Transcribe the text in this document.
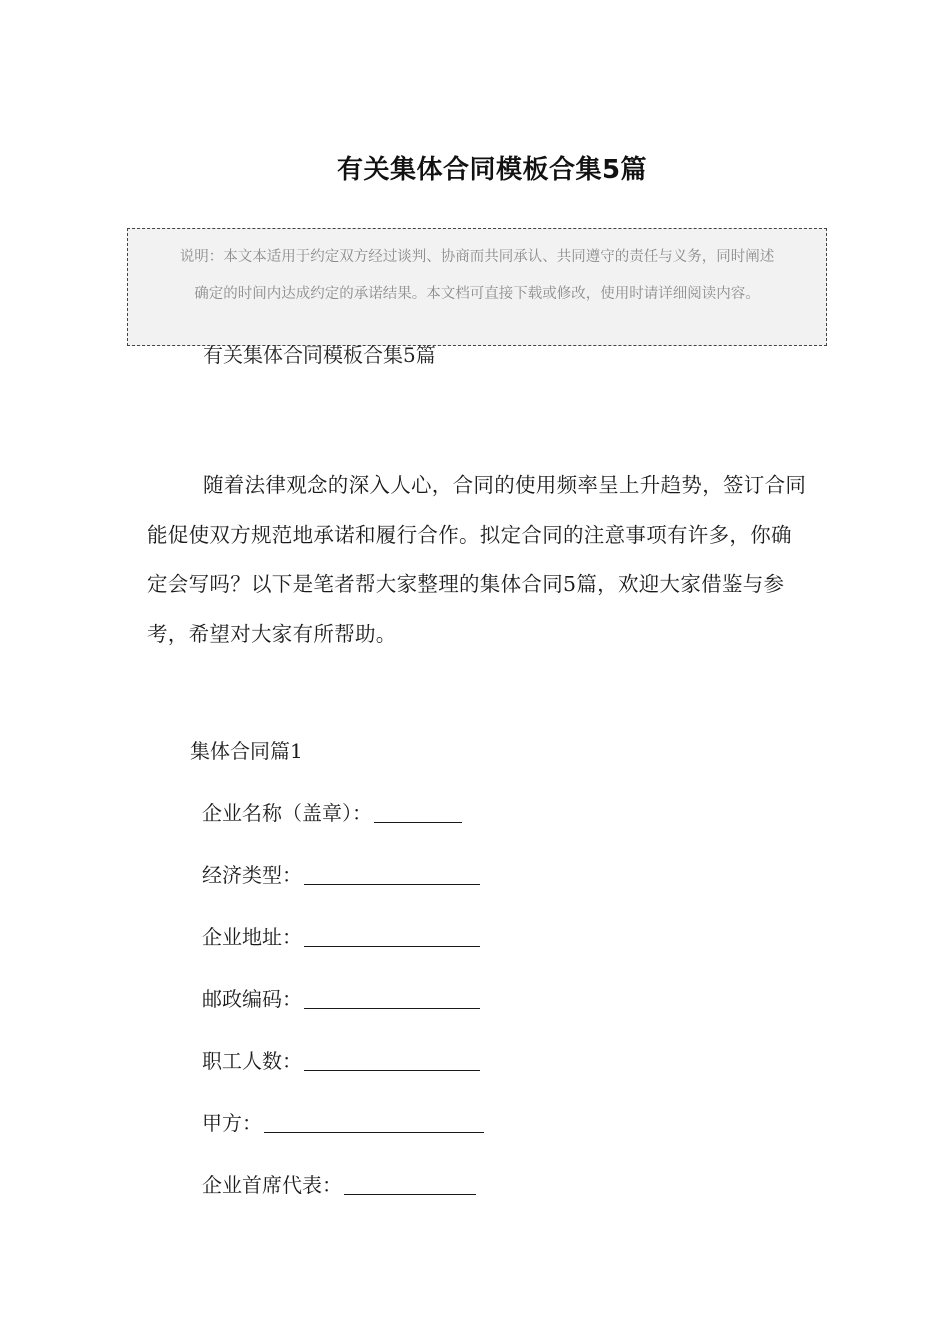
有关集体合同模板合集5篇

说明：本文本适用于约定双方经过谈判、协商而共同承认、共同遵守的责任与义务，同时阐述

确定的时间内达成约定的承诺结果。本文档可直接下载或修改，使用时请详细阅读内容。

有关集体合同模板合集5篇

随着法律观念的深入人心，合同的使用频率呈上升趋势，签订合同能促使双方规范地承诺和履行合作。拟定合同的注意事项有许多，你确定会写吗？以下是笔者帮大家整理的集体合同5篇，欢迎大家借鉴与参考，希望对大家有所帮助。

集体合同篇1

企业名称（盖章）：
经济类型：
企业地址：
邮政编码：
职工人数：
甲方：
企业首席代表：
